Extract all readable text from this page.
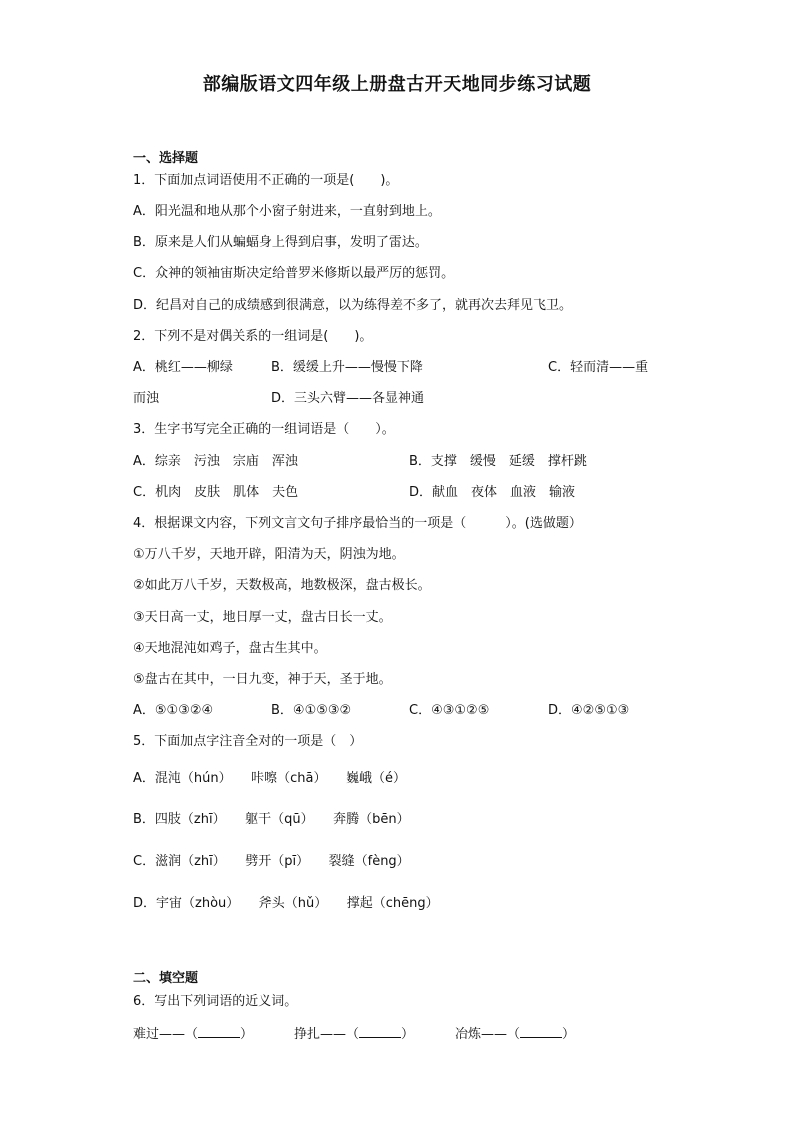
部编版语文四年级上册盘古开天地同步练习试题
一、选择题
1．下面加点词语使用不正确的一项是(　　)。
A．阳光温和地从那个小窗子射进来，一直射到地上。
B．原来是人们从蝙蝠身上得到启事，发明了雷达。
C．众神的领袖宙斯决定给普罗米修斯以最严厉的惩罚。
D．纪昌对自己的成绩感到很满意，以为练得差不多了，就再次去拜见飞卫。
2．下列不是对偶关系的一组词是(　　)。
A．桃红——柳绿	B．缓缓上升——慢慢下降	C．轻而清——重
而浊	D．三头六臂——各显神通
3．生字书写完全正确的一组词语是（　　）。
A．综亲　污浊　宗庙　浑浊	B．支撑　缓慢　延缓　撑杆跳
C．机肉　皮肤　肌体　夫色	D．献血　夜体　血液　输液
4．根据课文内容，下列文言文句子排序最恰当的一项是（　　　）。(选做题）
①万八千岁，天地开辟，阳清为天，阴浊为地。
②如此万八千岁，天数极高，地数极深，盘古极长。
③天日高一丈，地日厚一丈，盘古日长一丈。
④天地混沌如鸡子，盘古生其中。
⑤盘古在其中，一日九变，神于天，圣于地。
A．⑤①③②④	B．④①⑤③②	C．④③①②⑤	D．④②⑤①③
5．下面加点字注音全对的一项是（　）
A．混沌（hún）　　咔嚓（chā）　　巍峨（é）
B．四肢（zhī）　　躯干（qū）　　奔腾（bēn）
C．滋润（zhī）　　劈开（pī）　　裂缝（fèng）
D．宇宙（zhòu）　　斧头（hǔ）　　撑起（chēng）
二、填空题
6．写出下列词语的近义词。
难过——（	）	挣扎——（	）	冶炼——（	）
